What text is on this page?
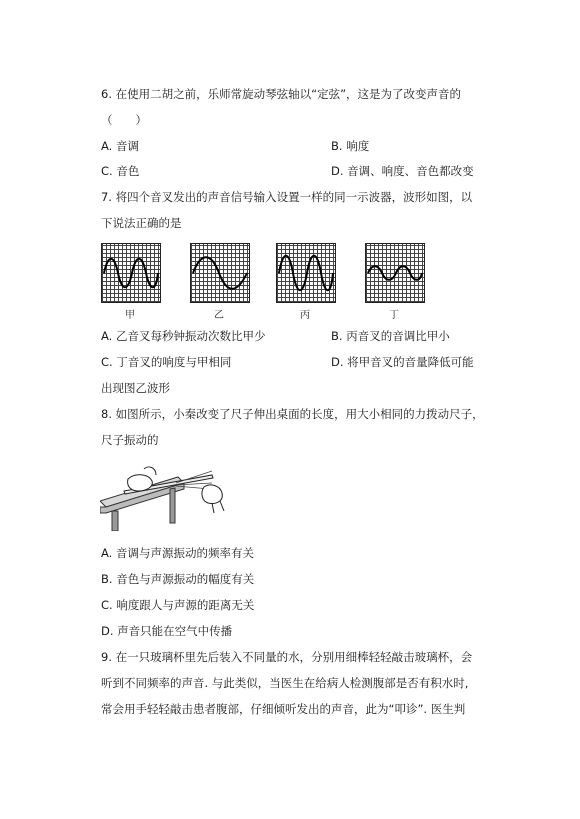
6. 在使用二胡之前，乐师常旋动琴弦轴以“定弦”，这是为了改变声音的
（　　）
A. 音调	B. 响度
C. 音色	D. 音调、响度、音色都改变
7. 将四个音叉发出的声音信号输入设置一样的同一示波器，波形如图，以
下说法正确的是
甲	乙	丙	丁
A. 乙音叉每秒钟振动次数比甲少	B. 丙音叉的音调比甲小
C. 丁音叉的响度与甲相同	D. 将甲音叉的音量降低可能
出现图乙波形
8. 如图所示，小秦改变了尺子伸出桌面的长度，用大小相同的力拨动尺子，
尺子振动的
A. 音调与声源振动的频率有关
B. 音色与声源振动的幅度有关
C. 响度跟人与声源的距离无关
D. 声音只能在空气中传播
9. 在一只玻璃杯里先后装入不同量的水，分别用细棒轻轻敲击玻璃杯，会
听到不同频率的声音. 与此类似，当医生在给病人检测腹部是否有积水时,
常会用手轻轻敲击患者腹部，仔细倾听发出的声音，此为“叩诊”. 医生判
